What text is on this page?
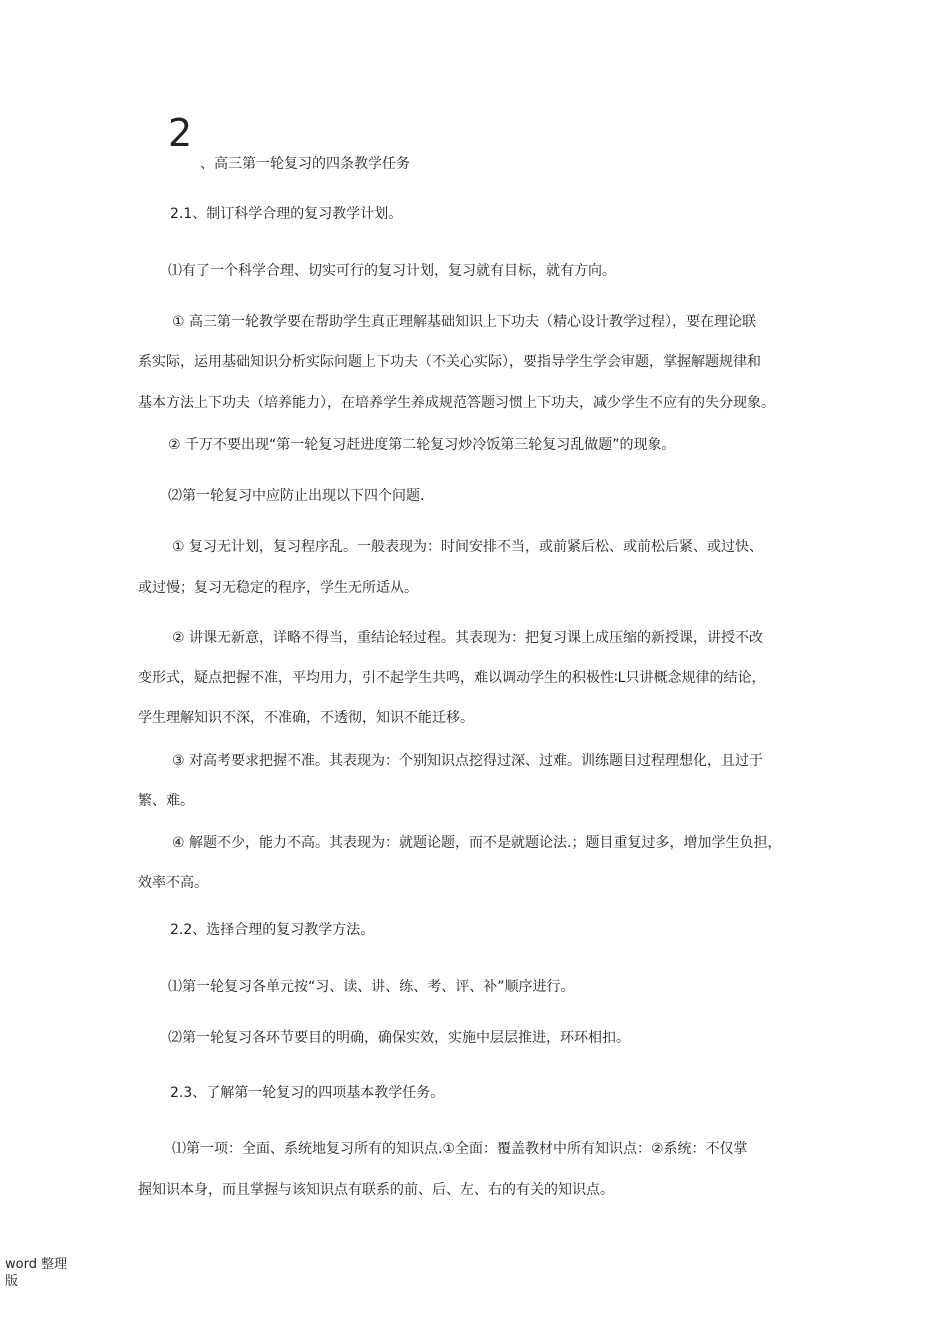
2
、高三第一轮复习的四条教学任务
2.1、制订科学合理的复习教学计划。
⑴有了一个科学合理、切实可行的复习计划，复习就有目标，就有方向。
① 高三第一轮教学要在帮助学生真正理解基础知识上下功夫（精心设计教学过程），要在理论联
系实际，运用基础知识分析实际问题上下功夫（不关心实际），要指导学生学会审题，掌握解题规律和
基本方法上下功夫（培养能力），在培养学生养成规范答题习惯上下功夫，减少学生不应有的失分现象。
② 千万不要出现“第一轮复习赶进度第二轮复习炒冷饭第三轮复习乱做题”的现象。
⑵第一轮复习中应防止出现以下四个问题.
① 复习无计划，复习程序乱。一般表现为：时间安排不当，或前紧后松、或前松后紧、或过快、
或过慢；复习无稳定的程序，学生无所适从。
② 讲课无新意，详略不得当，重结论轻过程。其表现为：把复习课上成压缩的新授课，讲授不改
变形式，疑点把握不准，平均用力，引不起学生共鸣，难以调动学生的积极性∶L只讲概念规律的结论，
学生理解知识不深，不准确，不透彻，知识不能迁移。
③ 对高考要求把握不准。其表现为：个别知识点挖得过深、过难。训练题目过程理想化，且过于
繁、难。
④ 解题不少，能力不高。其表现为：就题论题，而不是就题论法.；题目重复过多，增加学生负担，
效率不高。
2.2、选择合理的复习教学方法。
⑴第一轮复习各单元按“习、读、讲、练、考、评、补”顺序进行。
⑵第一轮复习各环节要目的明确，确保实效，实施中层层推进，环环相扣。
2.3、了解第一轮复习的四项基本教学任务。
⑴第一项：全面、系统地复习所有的知识点.①全面：覆盖教材中所有知识点：②系统：不仅掌
握知识本身，而且掌握与该知识点有联系的前、后、左、右的有关的知识点。
word 整理
版
